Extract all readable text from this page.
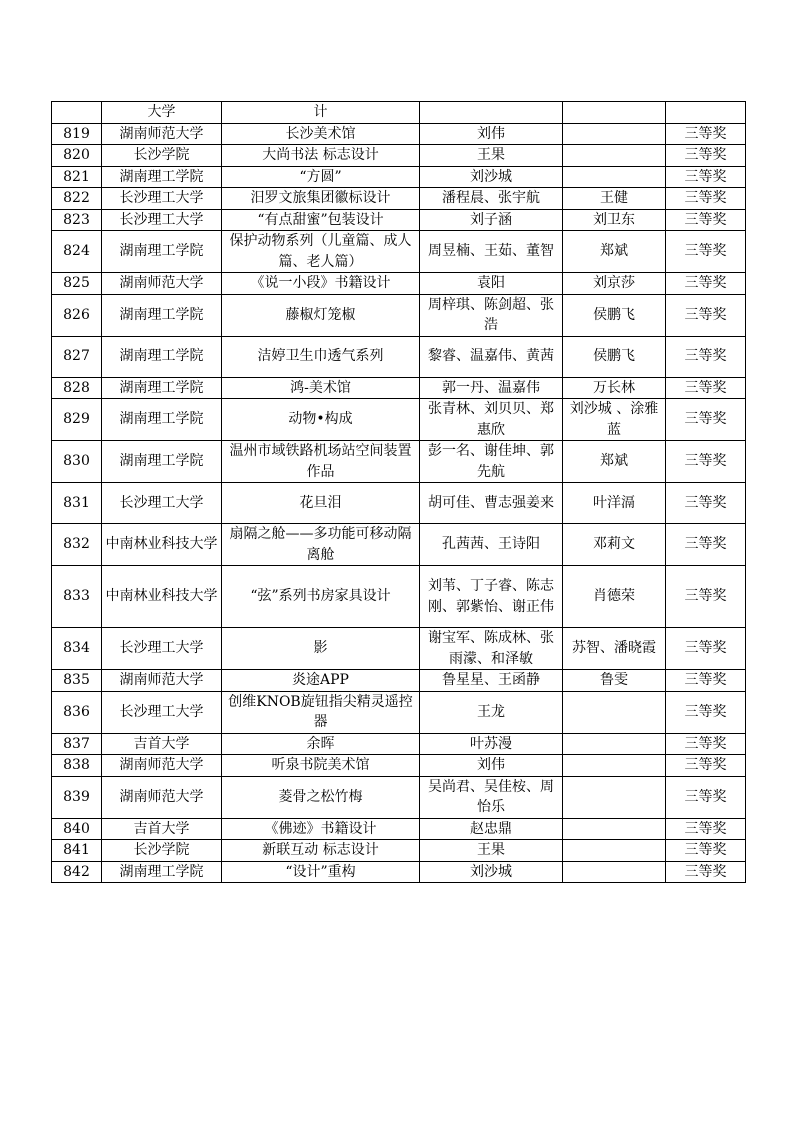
	大学	计			
819	湖南师范大学	长沙美术馆	刘伟		三等奖
820	长沙学院	大尚书法 标志设计	王果		三等奖
821	湖南理工学院	“方圆”	刘沙城		三等奖
822	长沙理工大学	汨罗文旅集团徽标设计	潘程晨、张宇航	王健	三等奖
823	长沙理工大学	“有点甜蜜”包装设计	刘子涵	刘卫东	三等奖
824	湖南理工学院	保护动物系列（儿童篇、成人篇、老人篇）	周昱楠、王茹、董智	郑斌	三等奖
825	湖南师范大学	《说一小段》书籍设计	袁阳	刘京莎	三等奖
826	湖南理工学院	藤椒灯笼椒	周梓琪、陈剑超、张浩	侯鹏飞	三等奖
827	湖南理工学院	洁婷卫生巾透气系列	黎睿、温嘉伟、黄茜	侯鹏飞	三等奖
828	湖南理工学院	鸿-美术馆	郭一丹、温嘉伟	万长林	三等奖
829	湖南理工学院	动物•构成	张青林、刘贝贝、郑惠欣	刘沙城 、涂雅蓝	三等奖
830	湖南理工学院	温州市域铁路机场站空间装置作品	彭一名、谢佳坤、郭先航	郑斌	三等奖
831	长沙理工大学	花旦泪	胡可佳、曹志强姜来	叶洋滆	三等奖
832	中南林业科技大学	扇隔之舱——多功能可移动隔离舱	孔茜茜、王诗阳	邓莉文	三等奖
833	中南林业科技大学	“弦”系列书房家具设计	刘苇、丁子睿、陈志刚、郭紫怡、谢正伟	肖德荣	三等奖
834	长沙理工大学	影	谢宝军、陈成林、张雨濛、和泽敏	苏智、潘晓霞	三等奖
835	湖南师范大学	炎途APP	鲁星星、王函静	鲁雯	三等奖
836	长沙理工大学	创维KNOB旋钮指尖精灵遥控器	王龙		三等奖
837	吉首大学	余晖	叶苏漫		三等奖
838	湖南师范大学	听泉书院美术馆	刘伟		三等奖
839	湖南师范大学	菱骨之松竹梅	吴尚君、吴佳桉、周怡乐		三等奖
840	吉首大学	《佛迹》书籍设计	赵忠鼎		三等奖
841	长沙学院	新联互动 标志设计	王果		三等奖
842	湖南理工学院	“设计”重构	刘沙城		三等奖
